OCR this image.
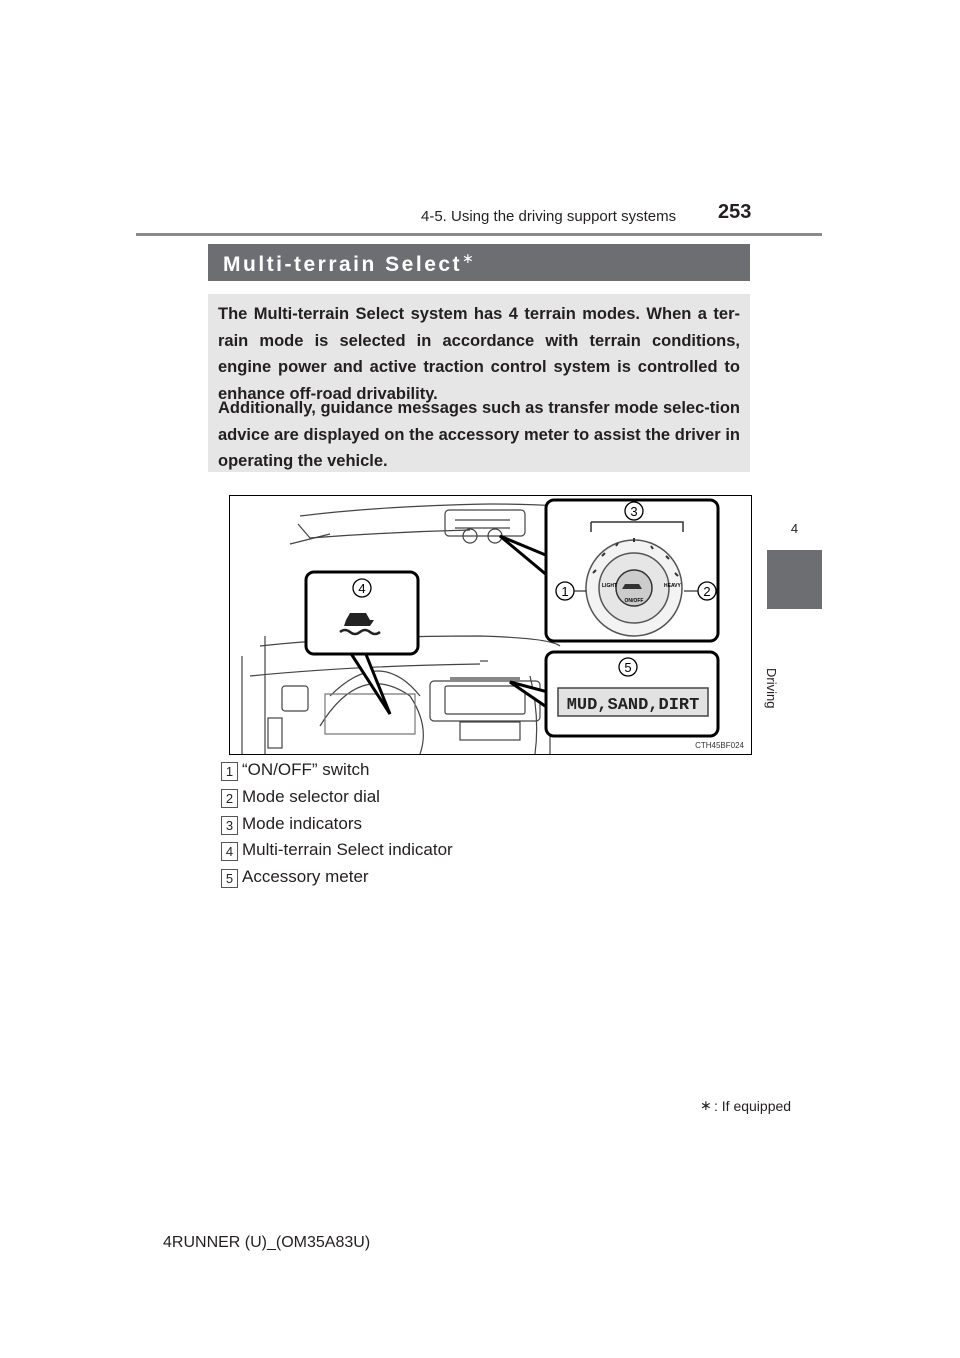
4-5. Using the driving support systems 253
4
Driving
Multi-terrain Select∗

The Multi-terrain Select system has 4 terrain modes. When a ter-rain mode is selected in accordance with terrain conditions, engine power and active traction control system is controlled to enhance off-road drivability.

Additionally, guidance messages such as transfer mode selec-tion advice are displayed on the accessory meter to assist the driver in operating the vehicle.

ON/OFF
LIGHT	HEAVY
3
1	2
4
5
MUD,SAND,DIRT
CTH45BF024
1 “ON/OFF” switch
2 Mode selector dial
3 Mode indicators
4 Multi-terrain Select indicator
5 Accessory meter
∗ : If equipped
4RUNNER (U)_(OM35A83U)
